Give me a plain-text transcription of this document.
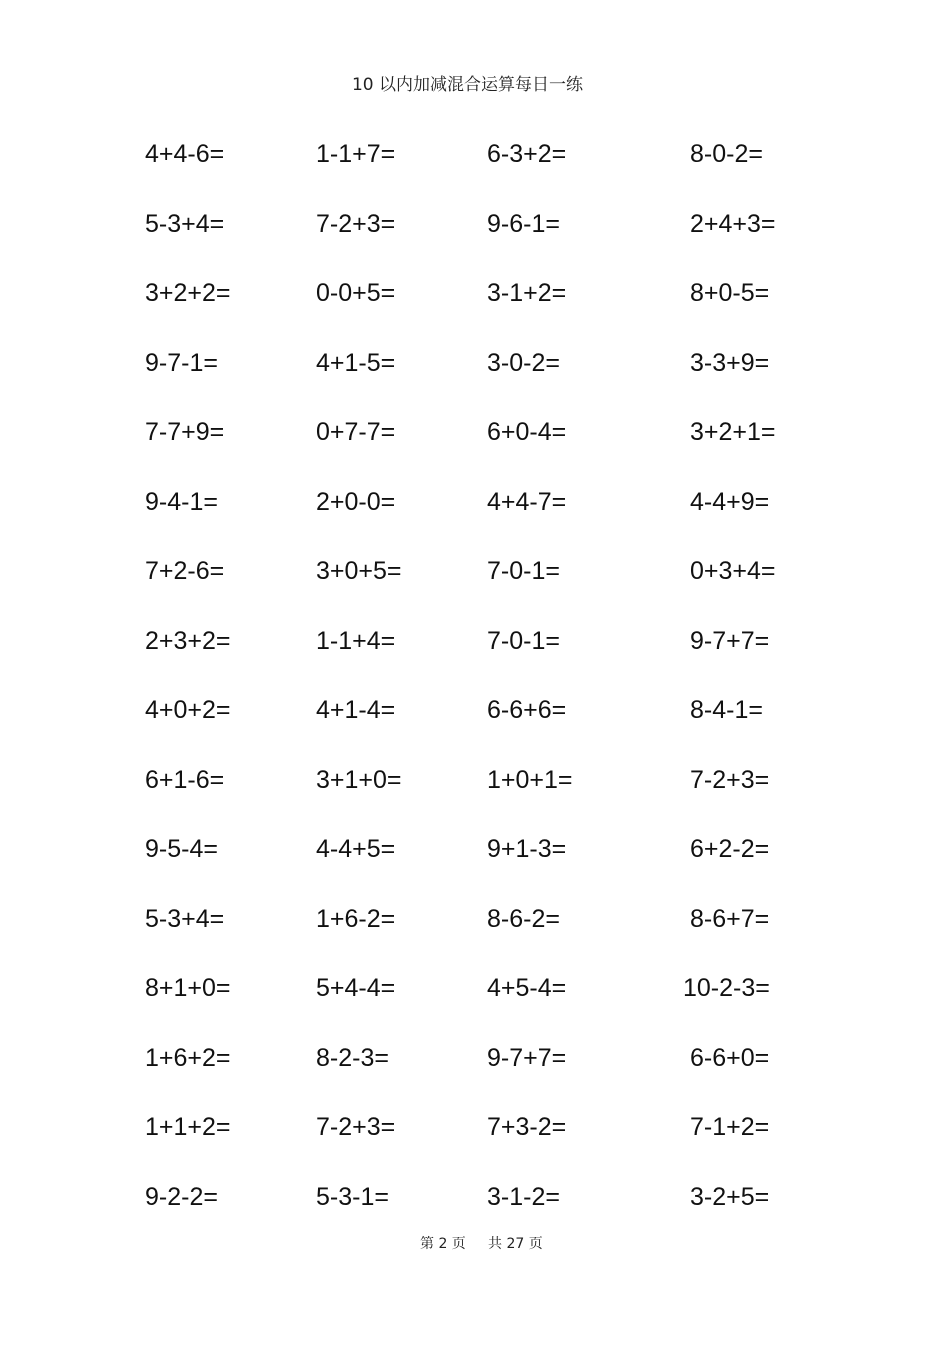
10 以内加减混合运算每日一练
4+4-6=	1-1+7=	6-3+2=	8-0-2=
5-3+4=	7-2+3=	9-6-1=	2+4+3=
3+2+2=	0-0+5=	3-1+2=	8+0-5=
9-7-1=	4+1-5=	3-0-2=	3-3+9=
7-7+9=	0+7-7=	6+0-4=	3+2+1=
9-4-1=	2+0-0=	4+4-7=	4-4+9=
7+2-6=	3+0+5=	7-0-1=	0+3+4=
2+3+2=	1-1+4=	7-0-1=	9-7+7=
4+0+2=	4+1-4=	6-6+6=	8-4-1=
6+1-6=	3+1+0=	1+0+1=	7-2+3=
9-5-4=	4-4+5=	9+1-3=	6+2-2=
5-3+4=	1+6-2=	8-6-2=	8-6+7=
8+1+0=	5+4-4=	4+5-4=	10-2-3=
1+6+2=	8-2-3=	9-7+7=	6-6+0=
1+1+2=	7-2+3=	7+3-2=	7-1+2=
9-2-2=	5-3-1=	3-1-2=	3-2+5=
第 2 页 共 27 页
